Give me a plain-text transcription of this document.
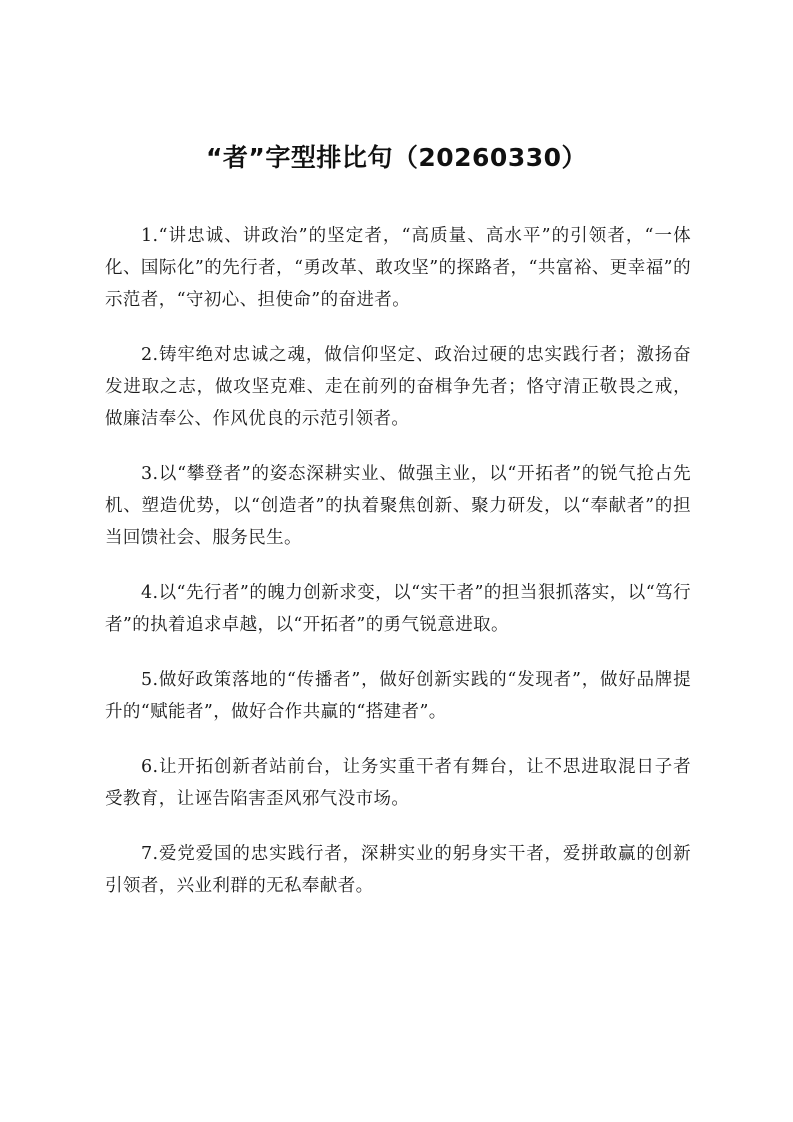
“者”字型排比句（20260330）

1.“讲忠诚、讲政治”的坚定者，“高质量、高水平”的引领者，“一体化、国际化”的先行者，“勇改革、敢攻坚”的探路者，“共富裕、更幸福”的示范者，“守初心、担使命”的奋进者。

2.铸牢绝对忠诚之魂，做信仰坚定、政治过硬的忠实践行者；激扬奋发进取之志，做攻坚克难、走在前列的奋楫争先者；恪守清正敬畏之戒，做廉洁奉公、作风优良的示范引领者。

3.以“攀登者”的姿态深耕实业、做强主业，以“开拓者”的锐气抢占先机、塑造优势，以“创造者”的执着聚焦创新、聚力研发，以“奉献者”的担当回馈社会、服务民生。

4.以“先行者”的魄力创新求变，以“实干者”的担当狠抓落实，以“笃行者”的执着追求卓越，以“开拓者”的勇气锐意进取。

5.做好政策落地的“传播者”，做好创新实践的“发现者”，做好品牌提升的“赋能者”，做好合作共赢的“搭建者”。

6.让开拓创新者站前台，让务实重干者有舞台，让不思进取混日子者受教育，让诬告陷害歪风邪气没市场。

7.爱党爱国的忠实践行者，深耕实业的躬身实干者，爱拼敢赢的创新引领者，兴业利群的无私奉献者。
